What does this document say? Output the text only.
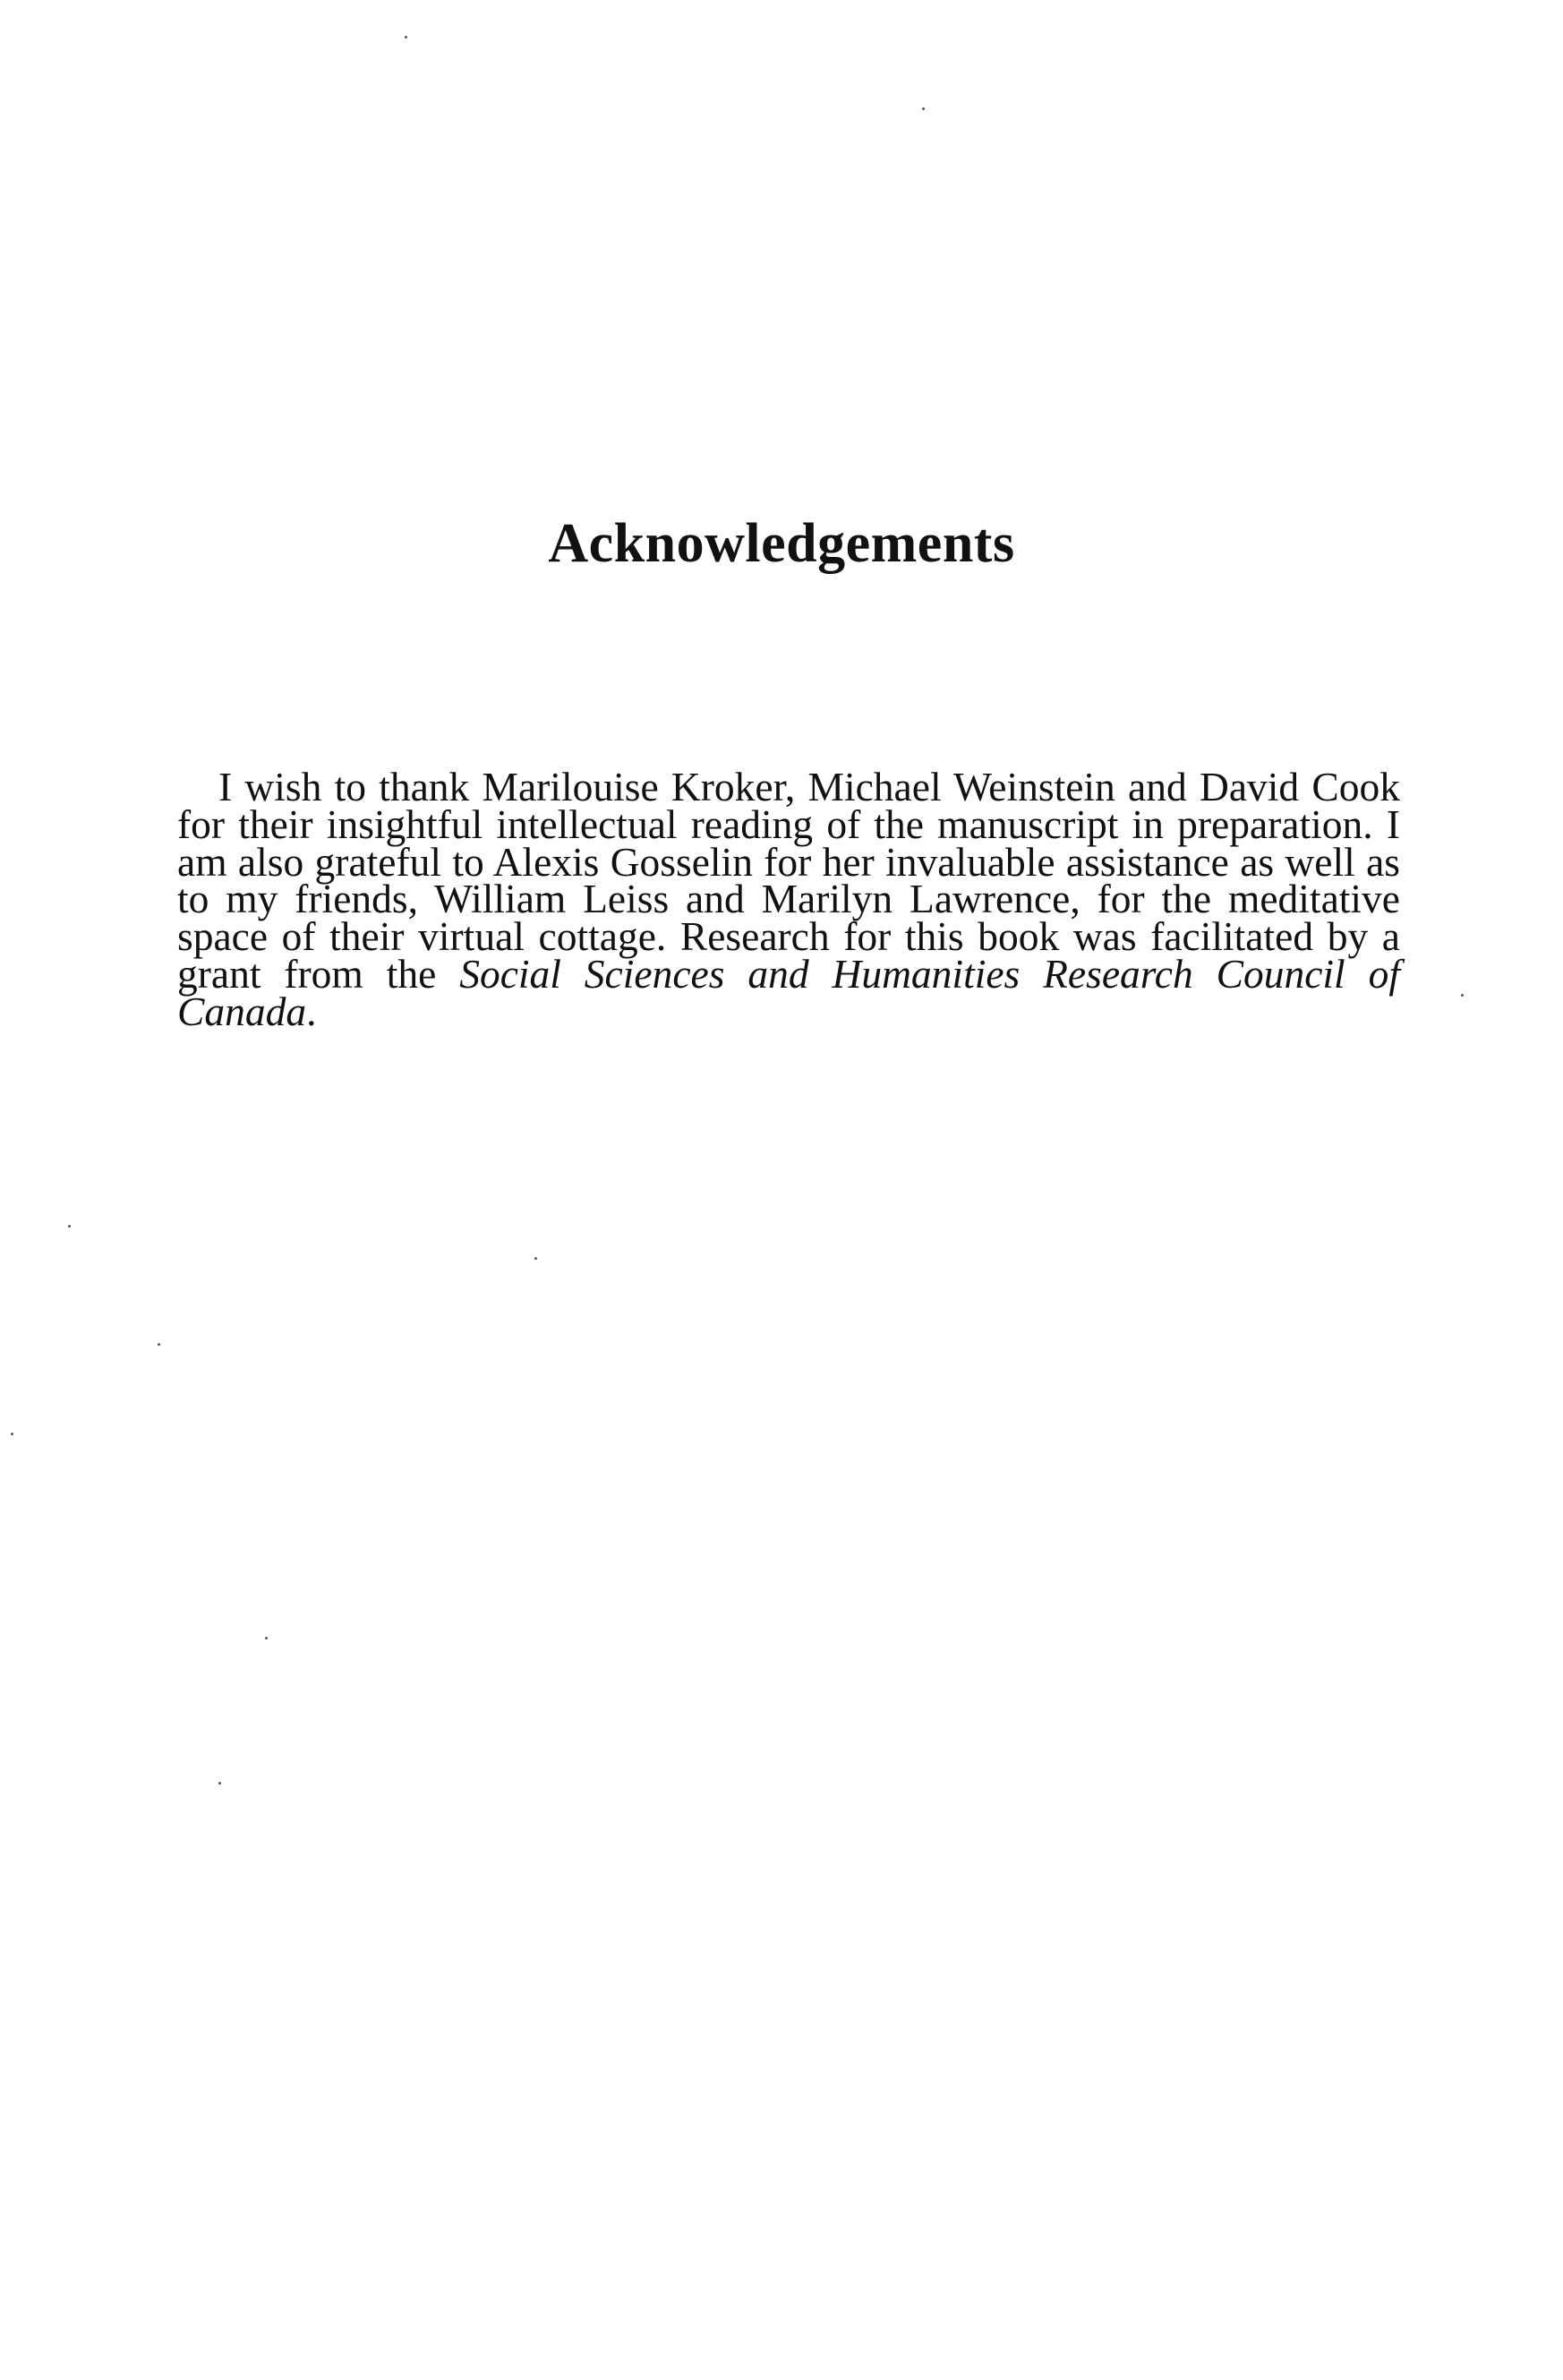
Acknowledgements

I wish to thank Marilouise Kroker, Michael Weinstein and David Cook for their insightful intellectual reading of the manuscript in preparation. I am also grateful to Alexis Gosselin for her invaluable assistance as well as to my friends, William Leiss and Marilyn Lawrence, for the meditative space of their virtual cottage. Research for this book was facilitated by a grant from the Social Sciences and Humanities Research Council of Canada.
